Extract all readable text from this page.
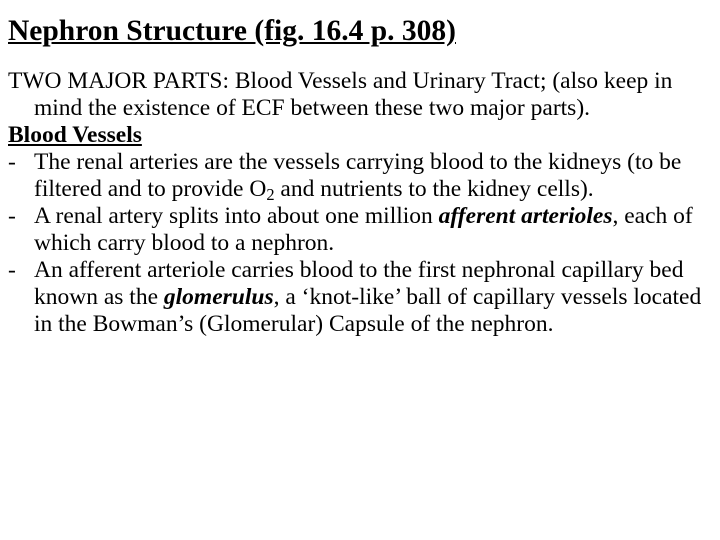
Nephron Structure (fig. 16.4 p. 308)

TWO MAJOR PARTS: Blood Vessels and Urinary Tract; (also keep in mind the existence of ECF between these two major parts).

Blood Vessels

- The renal arteries are the vessels carrying blood to the kidneys (to be filtered and to provide $O_2$ and nutrients to the kidney cells).

- A renal artery splits into about one million afferent arterioles, each of which carry blood to a nephron.

- An afferent arteriole carries blood to the first nephronal capillary bed known as the glomerulus, a ‘knot-like’ ball of capillary vessels located in the Bowman’s (Glomerular) Capsule of the nephron.
